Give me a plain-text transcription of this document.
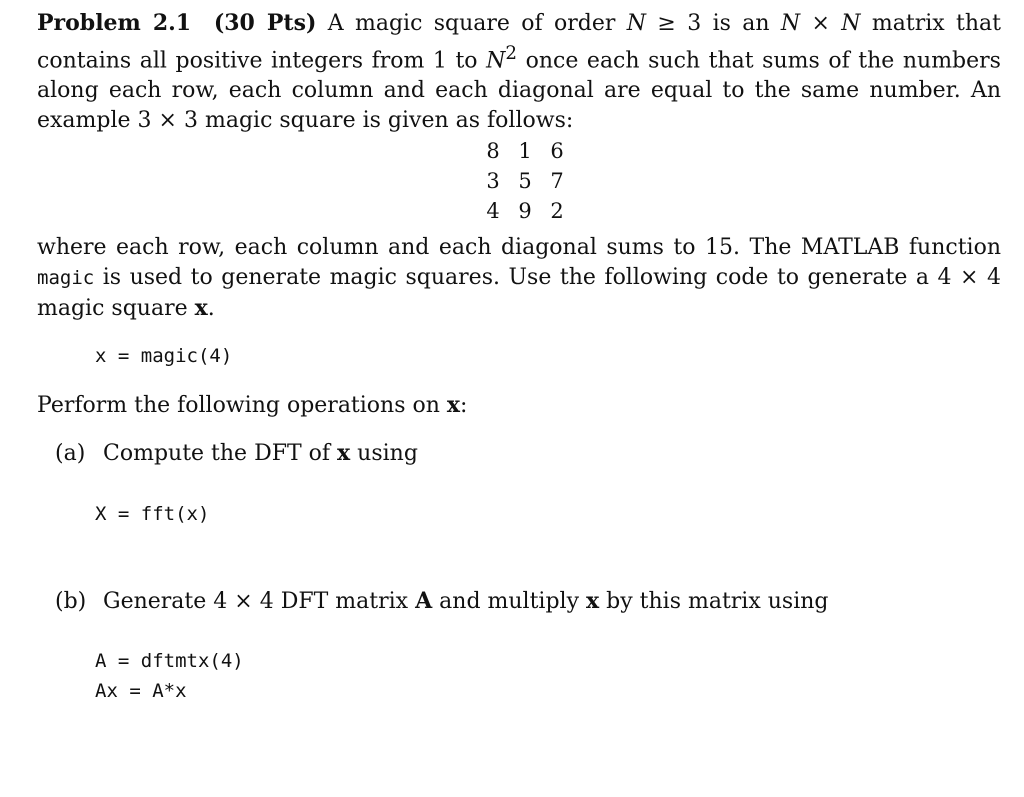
Problem 2.1 (30 Pts) A magic square of order N ≥ 3 is an N × N matrix that contains all positive integers from 1 to $N^2$ once each such that sums of the numbers along each row, each column and each diagonal are equal to the same number. An example 3 × 3 magic square is given as follows:

8 1 6
3 5 7
4 9 2

where each row, each column and each diagonal sums to 15. The MATLAB function magic is used to generate magic squares. Use the following code to generate a 4 × 4 magic square x.

x = magic(4)
Perform the following operations on x:
(a) Compute the DFT of x using
X = fft(x)
(b) Generate 4 × 4 DFT matrix A and multiply x by this matrix using
A = dftmtx(4)
Ax = A*x
